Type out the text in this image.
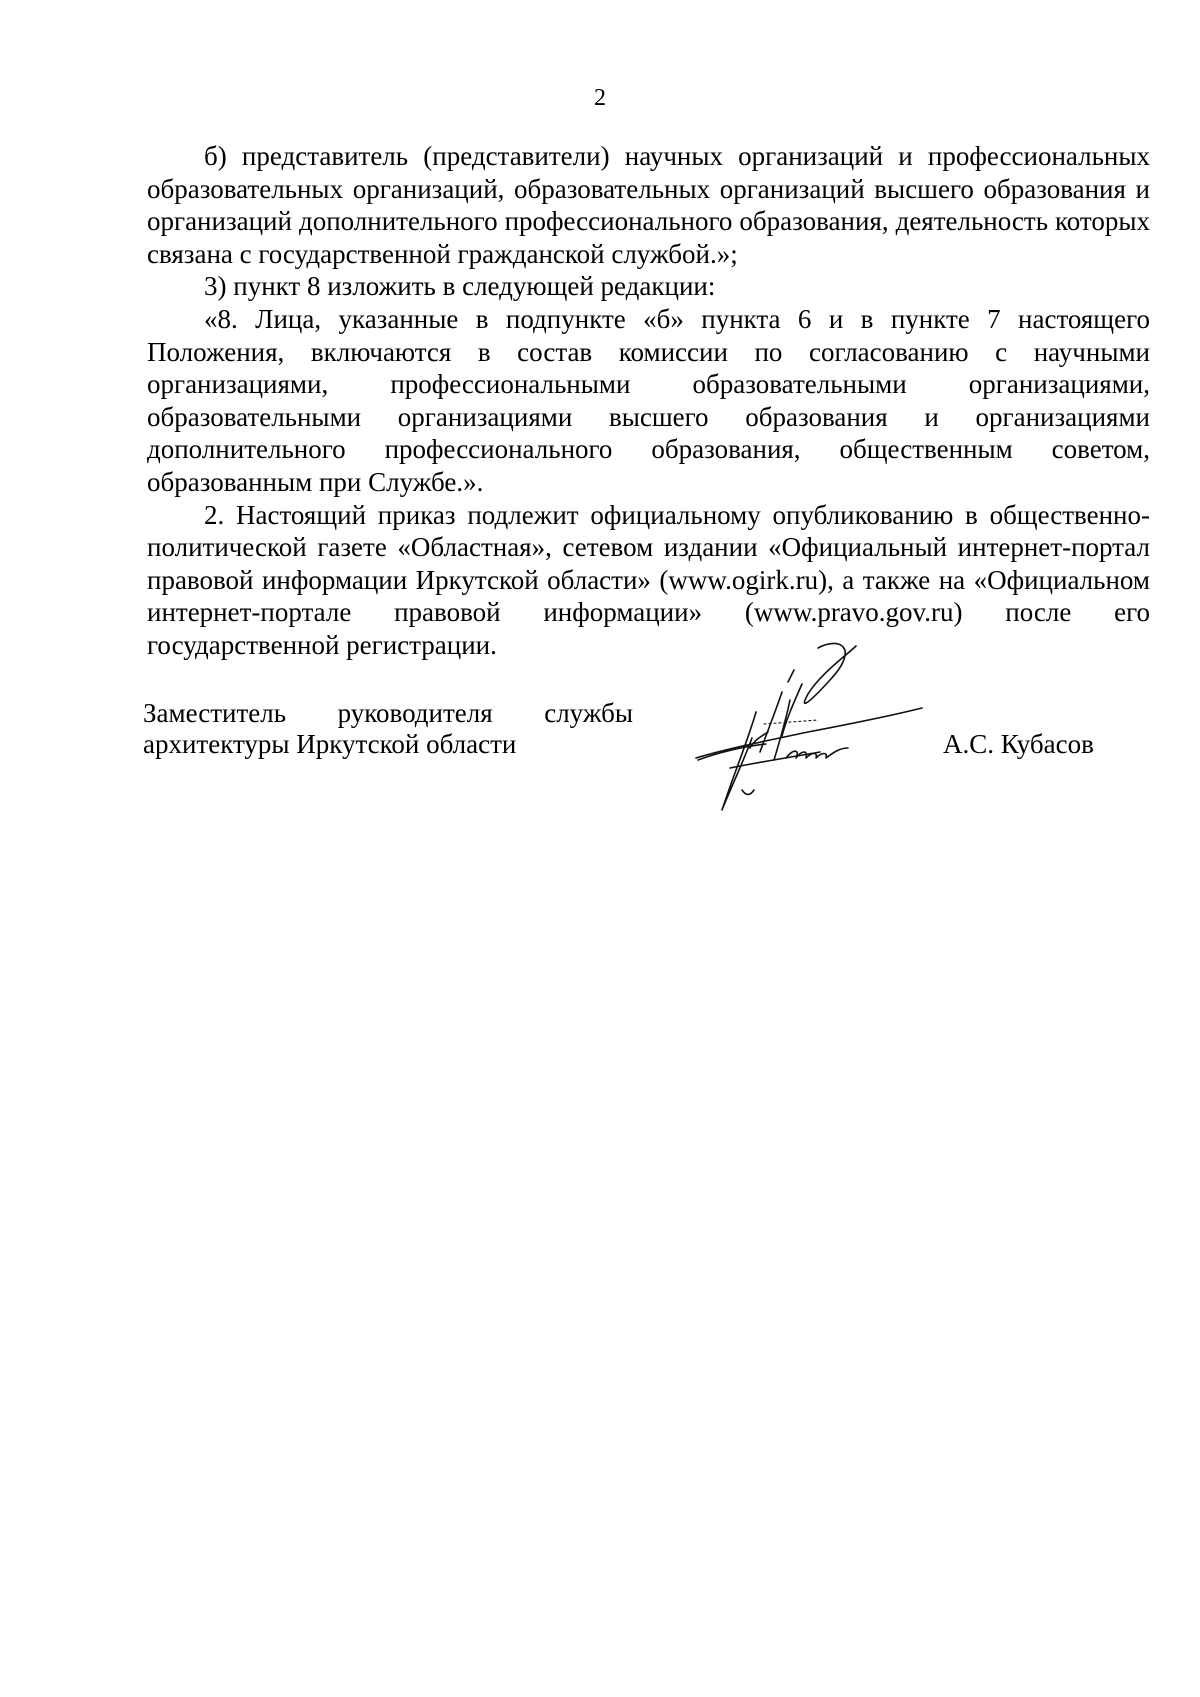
2

б) представитель (представители) научных организаций и профессиональных образовательных организаций, образовательных организаций высшего образования и организаций дополнительного профессионального образования, деятельность которых связана с государственной гражданской службой.»;

3) пункт 8 изложить в следующей редакции:

«8. Лица, указанные в подпункте «б» пункта 6 и в пункте 7 настоящего Положения, включаются в состав комиссии по согласованию с научными организациями, профессиональными образовательными организациями, образовательными организациями высшего образования и организациями дополнительного профессионального образования, общественным советом, образованным при Службе.».

2. Настоящий приказ подлежит официальному опубликованию в общественно-политической газете «Областная», сетевом издании «Официальный интернет-портал правовой информации Иркутской области» (www.ogirk.ru), а также на «Официальном интернет-портале правовой информации» (www.pravo.gov.ru) после его государственной регистрации.

Заместитель руководителя службы
архитектуры Иркутской области	А.С. Кубасов
